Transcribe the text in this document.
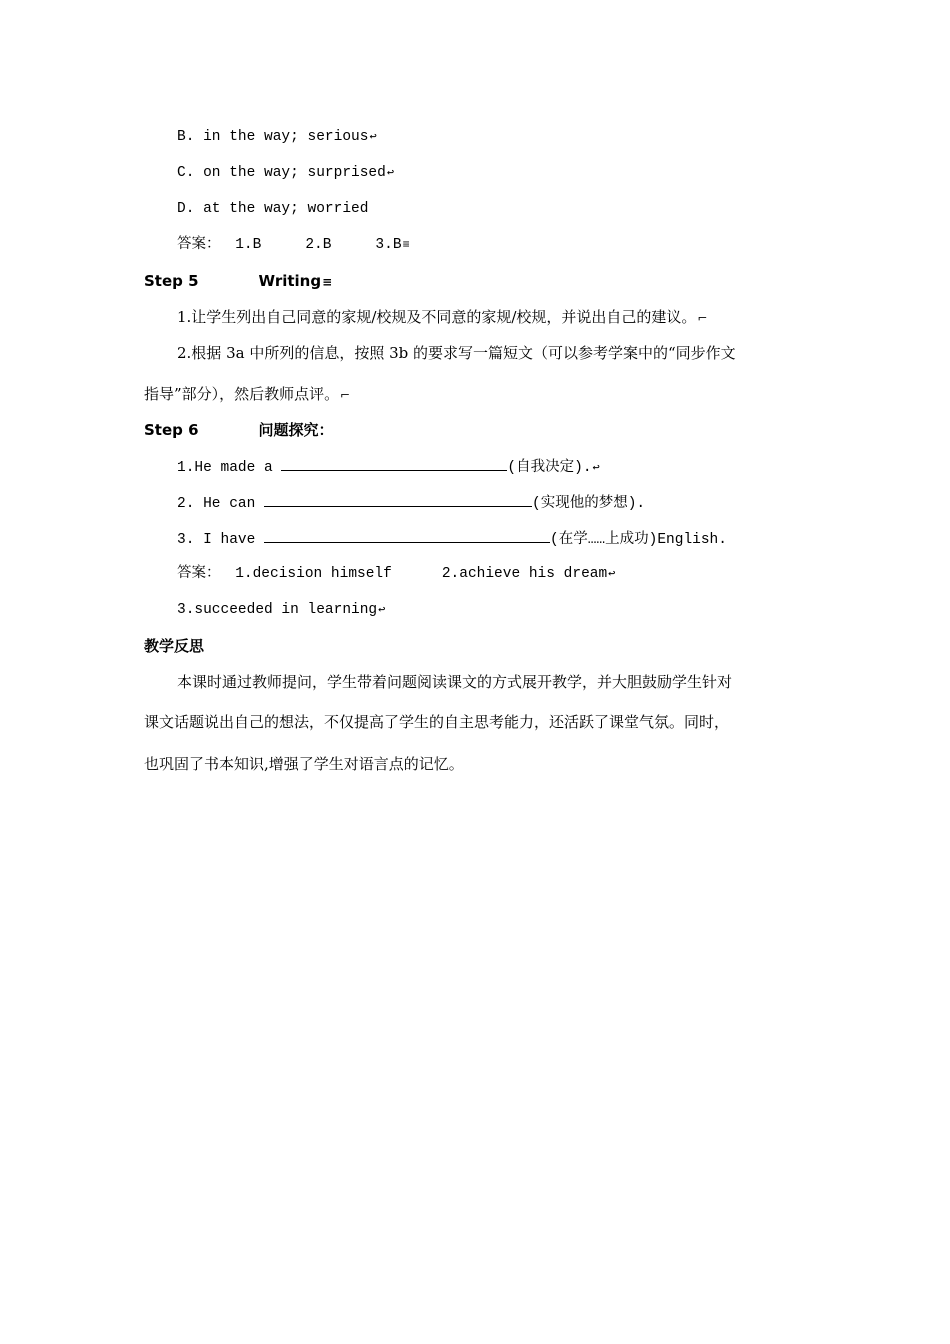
B. in the way; serious↩
C. on the way; surprised↩
D. at the way; worried
答案： 1.B	2.B	3.B≡
Step 5	Writing≡
1.让学生列出自己同意的家规/校规及不同意的家规/校规，并说出自己的建议。⌐
2.根据 3a 中所列的信息，按照 3b 的要求写一篇短文（可以参考学案中的“同步作文
指导”部分），然后教师点评。⌐
Step 6	问题探究：
1.He made a	(自我决定).↩
2. He can	(实现他的梦想).
3. I have	(在学……上成功)English.
答案： 1.decision himself	2.achieve his dream↩
3.succeeded in learning↩
教学反思
本课时通过教师提问，学生带着问题阅读课文的方式展开教学，并大胆鼓励学生针对
课文话题说出自己的想法，不仅提高了学生的自主思考能力，还活跃了课堂气氛。同时，
也巩固了书本知识,增强了学生对语言点的记忆。
